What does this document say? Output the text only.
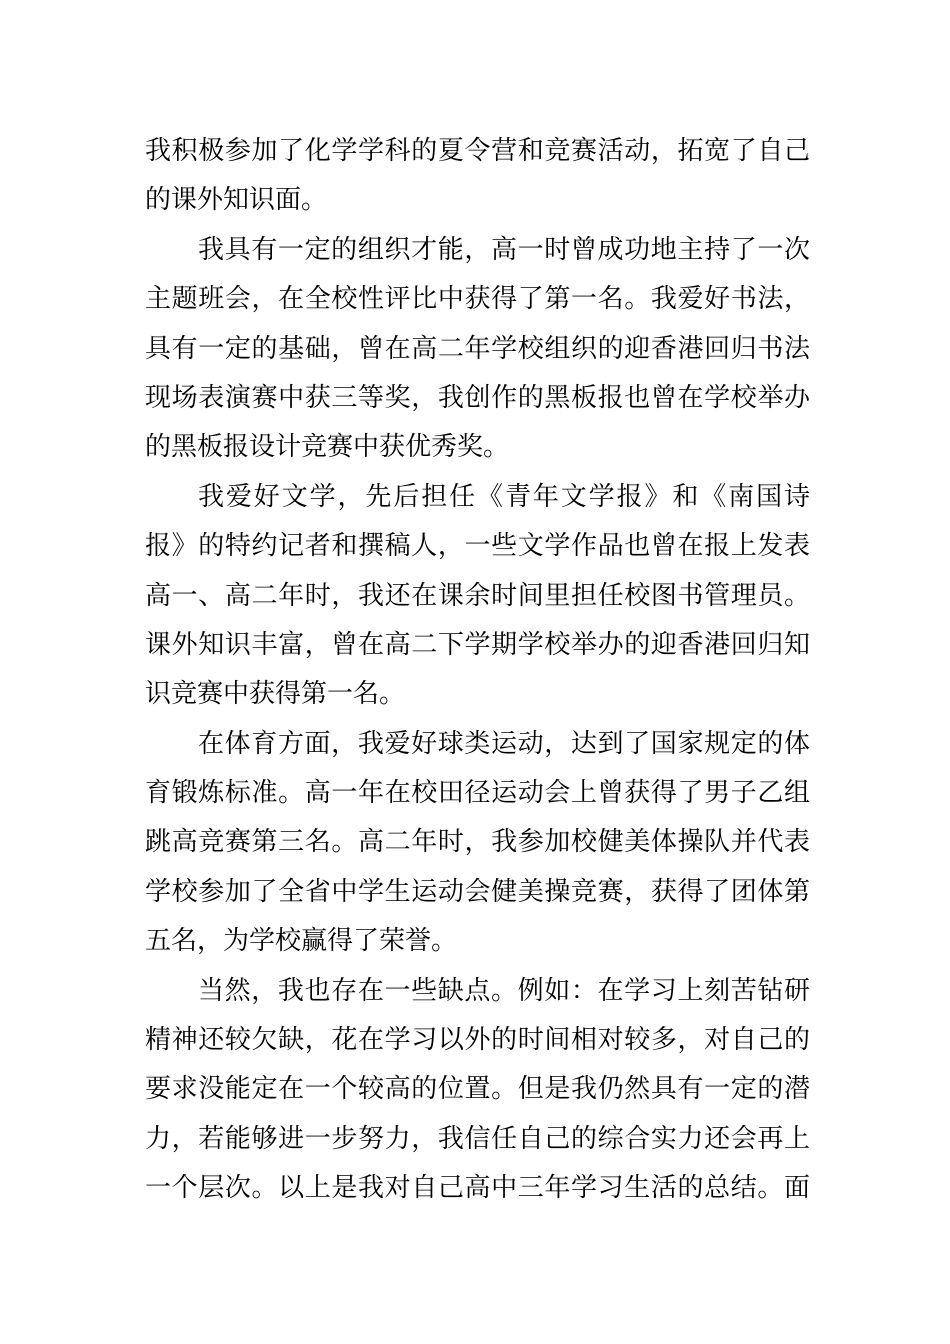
我积极参加了化学学科的夏令营和竞赛活动，拓宽了自己
的课外知识面。
我具有一定的组织才能，高一时曾成功地主持了一次
主题班会，在全校性评比中获得了第一名。我爱好书法，
具有一定的基础，曾在高二年学校组织的迎香港回归书法
现场表演赛中获三等奖，我创作的黑板报也曾在学校举办
的黑板报设计竞赛中获优秀奖。
我爱好文学，先后担任《青年文学报》和《南国诗
报》的特约记者和撰稿人，一些文学作品也曾在报上发表
高一、高二年时，我还在课余时间里担任校图书管理员。
课外知识丰富，曾在高二下学期学校举办的迎香港回归知
识竞赛中获得第一名。
在体育方面，我爱好球类运动，达到了国家规定的体
育锻炼标准。高一年在校田径运动会上曾获得了男子乙组
跳高竞赛第三名。高二年时，我参加校健美体操队并代表
学校参加了全省中学生运动会健美操竞赛，获得了团体第
五名，为学校赢得了荣誉。
当然，我也存在一些缺点。例如：在学习上刻苦钻研
精神还较欠缺，花在学习以外的时间相对较多，对自己的
要求没能定在一个较高的位置。但是我仍然具有一定的潜
力，若能够进一步努力，我信任自己的综合实力还会再上
一个层次。以上是我对自己高中三年学习生活的总结。面
